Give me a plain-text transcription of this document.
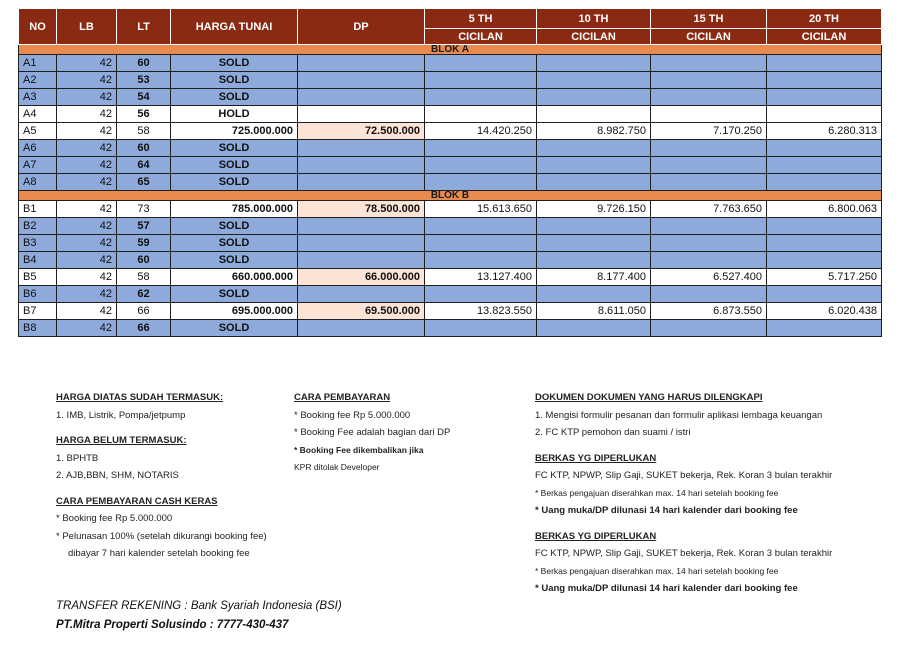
NO	LB	LT	HARGA TUNAI	DP	5 TH	10 TH	15 TH	20 TH
					CICILAN	CICILAN	CICILAN	CICILAN
BLOK A								
A1	42	60	SOLD					
A2	42	53	SOLD					
A3	42	54	SOLD					
A4	42	56	HOLD					
A5	42	58	725.000.000	72.500.000	14.420.250	8.982.750	7.170.250	6.280.313
A6	42	60	SOLD					
A7	42	64	SOLD					
A8	42	65	SOLD					
BLOK B								
B1	42	73	785.000.000	78.500.000	15.613.650	9.726.150	7.763.650	6.800.063
B2	42	57	SOLD					
B3	42	59	SOLD					
B4	42	60	SOLD					
B5	42	58	660.000.000	66.000.000	13.127.400	8.177.400	6.527.400	5.717.250
B6	42	62	SOLD					
B7	42	66	695.000.000	69.500.000	13.823.550	8.611.050	6.873.550	6.020.438
B8	42	66	SOLD					
HARGA DIATAS SUDAH TERMASUK:
1. IMB, Listrik, Pompa/jetpump
HARGA BELUM TERMASUK:
1. BPHTB
2. AJB,BBN, SHM, NOTARIS
CARA PEMBAYARAN CASH KERAS
* Booking fee Rp 5.000.000
* Pelunasan 100% (setelah dikurangi booking fee)
dibayar 7 hari kalender setelah booking fee
CARA PEMBAYARAN
* Booking fee Rp 5.000.000
* Booking Fee adalah bagian dari DP
* Booking Fee dikembalikan jika
KPR ditolak Developer
DOKUMEN DOKUMEN YANG HARUS DILENGKAPI
1. Mengisi formulir pesanan dan formulir aplikasi lembaga keuangan
2. FC KTP pemohon dan suami / istri
BERKAS YG DIPERLUKAN
FC KTP, NPWP, Slip Gaji, SUKET bekerja, Rek. Koran 3 bulan terakhir
* Berkas pengajuan diserahkan max. 14 hari setelah booking fee
* Uang muka/DP dilunasi 14 hari kalender dari booking fee
BERKAS YG DIPERLUKAN
FC KTP, NPWP, Slip Gaji, SUKET bekerja, Rek. Koran 3 bulan terakhir
* Berkas pengajuan diserahkan max. 14 hari setelah booking fee
* Uang muka/DP dilunasi 14 hari kalender dari booking fee
TRANSFER REKENING : Bank Syariah Indonesia (BSI)
PT.Mitra Properti Solusindo : 7777-430-437
